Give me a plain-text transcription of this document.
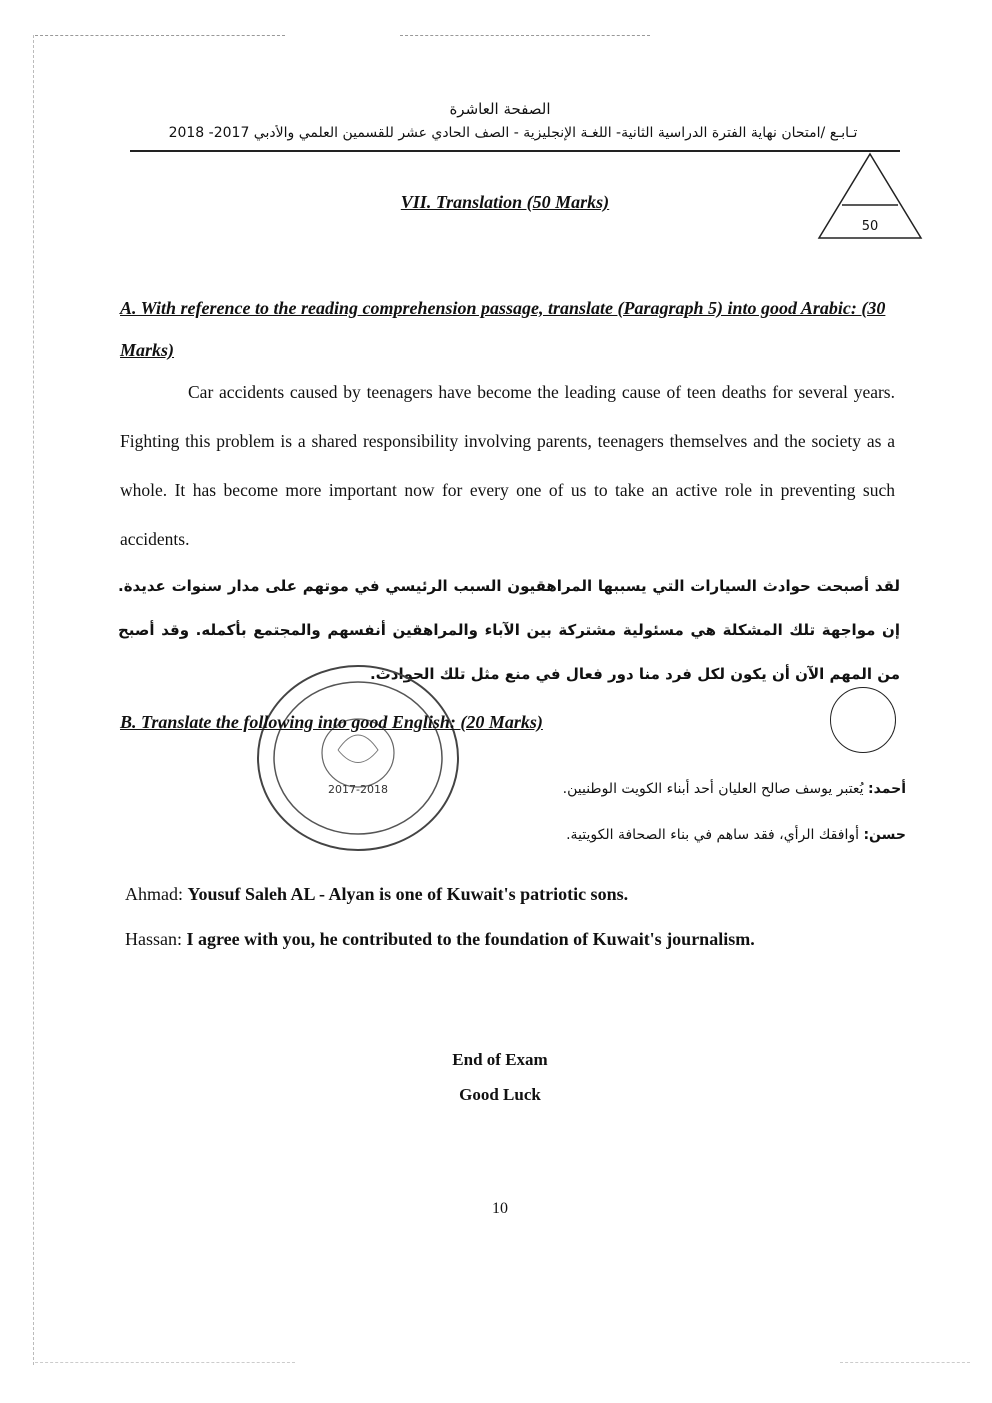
الصفحة العاشرة
تـابـع /امتحان نهاية الفترة الدراسية الثانية- اللغـة الإنجليزية - الصف الحادي عشر للقسمين العلمي والأدبي 2017- 2018
VII. Translation (50 Marks)
50
A. With reference to the reading comprehension passage, translate (Paragraph 5) into good Arabic: (30 Marks)
Car accidents caused by teenagers have become the leading cause of teen deaths for several years. Fighting this problem is a shared responsibility involving parents, teenagers themselves and the society as a whole. It has become more important now for every one of us to take an active role in preventing such accidents.
لقد أصبحت حوادث السيارات التي يسببها المراهقيون السبب الرئيسي في موتهم على مدار سنوات عديدة. إن مواجهة تلك المشكلة هي مسئولية مشتركة بين الآباء والمراهقين أنفسهم والمجتمع بأكمله. وقد أصبح من المهم الآن أن يكون لكل فرد منا دور فعال في منع مثل تلك الحوادث.
2017-2018
B. Translate the following into good English: (20 Marks)
أحمد: يُعتبر يوسف صالح العليان أحد أبناء الكويت الوطنيين.
حسن: أوافقك الرأي، فقد ساهم في بناء الصحافة الكويتية.
Ahmad: Yousuf Saleh AL - Alyan is one of Kuwait's patriotic sons.
Hassan: I agree with you, he contributed to the foundation of Kuwait's journalism.
End of Exam
Good Luck
10
